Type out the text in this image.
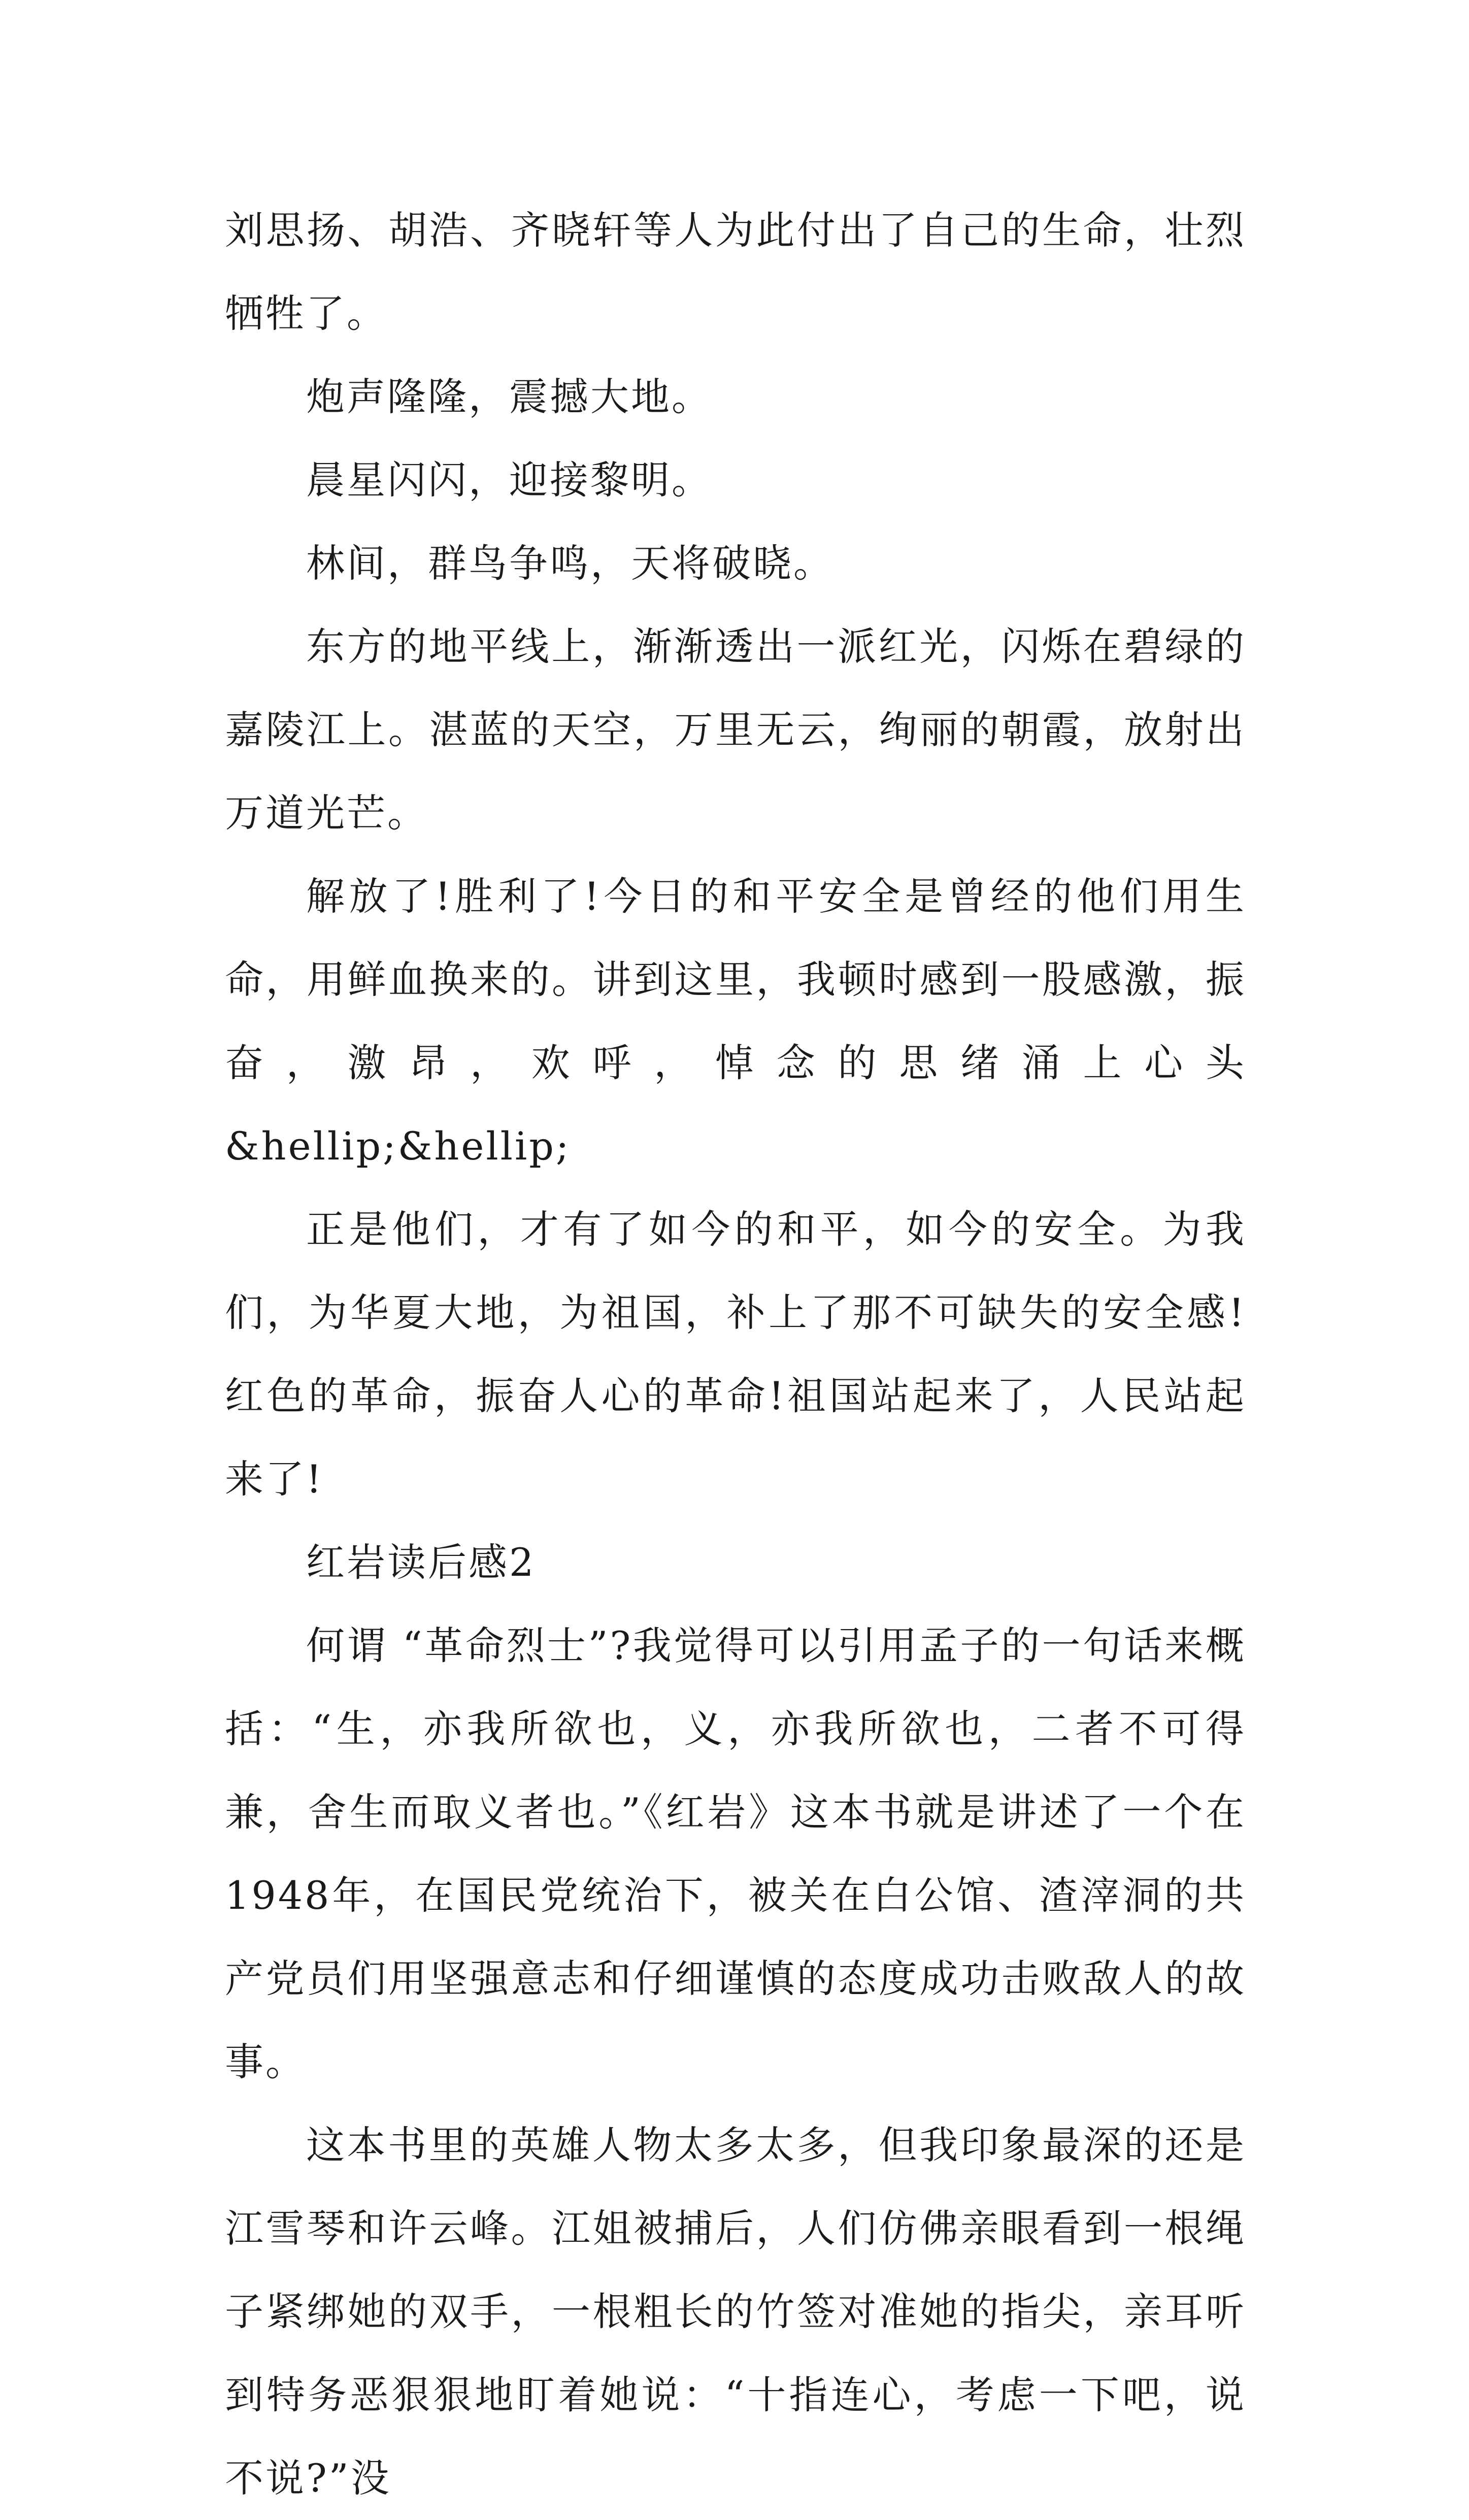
刘思扬、胡浩、齐晓轩等人为此付出了自己的生命，壮烈牺牲了。

炮声隆隆，震撼大地。

晨星闪闪，迎接黎明。

林间，群鸟争鸣，天将破晓。

东方的地平线上，渐渐透出一派红光，闪烁在碧绿的嘉陵江上。湛蓝的天空，万里无云，绚丽的朝霞，放射出万道光芒。

解放了!胜利了!今日的和平安全是曾经的他们用生命，用鲜血换来的。讲到这里，我顿时感到一股感激，振奋，激昂，欢呼，悼念的思绪涌上心头&hellip;&hellip;

正是他们，才有了如今的和平，如今的安全。为我们，为华夏大地，为祖国，补上了那不可缺失的安全感!红色的革命，振奋人心的革命!祖国站起来了，人民站起来了!

红岩读后感2

何谓 “革命烈士”?我觉得可以引用孟子的一句话来概括：“生，亦我所欲也，义，亦我所欲也，二者不可得兼，舍生而取义者也。”《红岩》这本书就是讲述了一个在1948年，在国民党统治下，被关在白公馆、渣滓洞的共产党员们用坚强意志和仔细谨慎的态度成功击败敌人的故事。

这本书里的英雄人物太多太多，但我印象最深的还是江雪琴和许云峰。江姐被捕后，人们仿佛亲眼看到一根绳子紧绑她的双手，一根粗长的竹签对准她的指尖，亲耳听到特务恶狠狠地盯着她说：“十指连心，考虑一下吧，说不说?”没
